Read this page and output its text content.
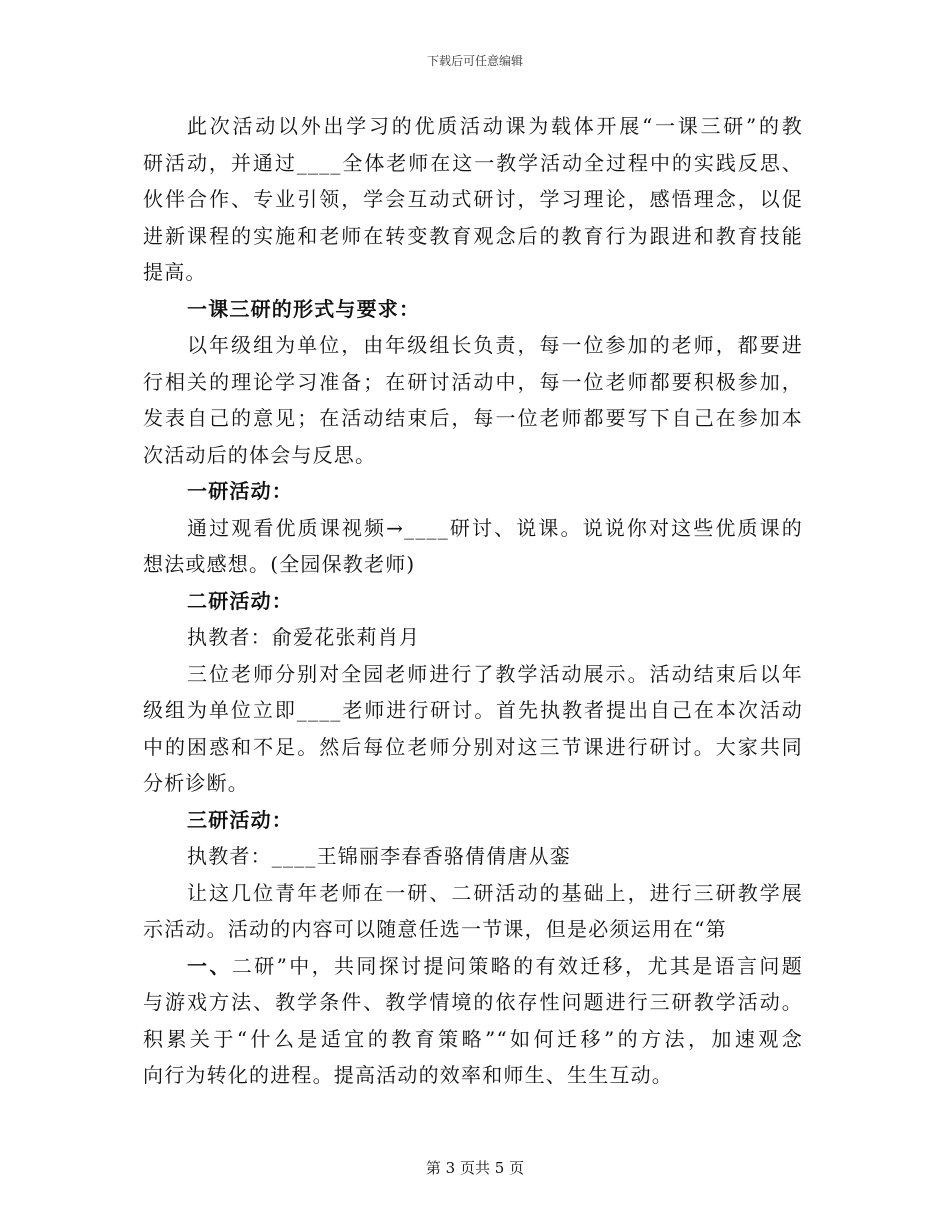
下载后可任意编辑
此次活动以外出学习的优质活动课为载体开展“一课三研”的教
研活动，并通过____全体老师在这一教学活动全过程中的实践反思、
伙伴合作、专业引领，学会互动式研讨，学习理论，感悟理念，以促
进新课程的实施和老师在转变教育观念后的教育行为跟进和教育技能
提高。
一课三研的形式与要求：
以年级组为单位，由年级组长负责，每一位参加的老师，都要进
行相关的理论学习准备；在研讨活动中，每一位老师都要积极参加，
发表自己的意见；在活动结束后，每一位老师都要写下自己在参加本
次活动后的体会与反思。
一研活动：
通过观看优质课视频→____研讨、说课。说说你对这些优质课的
想法或感想。(全园保教老师)
二研活动：
执教者：俞爱花张莉肖月
三位老师分别对全园老师进行了教学活动展示。活动结束后以年
级组为单位立即____老师进行研讨。首先执教者提出自己在本次活动
中的困惑和不足。然后每位老师分别对这三节课进行研讨。大家共同
分析诊断。
三研活动：
执教者：____王锦丽李春香骆倩倩唐从銮
让这几位青年老师在一研、二研活动的基础上，进行三研教学展
示活动。活动的内容可以随意任选一节课，但是必须运用在“第
一、二研”中，共同探讨提问策略的有效迁移，尤其是语言问题
与游戏方法、教学条件、教学情境的依存性问题进行三研教学活动。
积累关于“什么是适宜的教育策略”“如何迁移”的方法，加速观念
向行为转化的进程。提高活动的效率和师生、生生互动。
第 3 页共 5 页
